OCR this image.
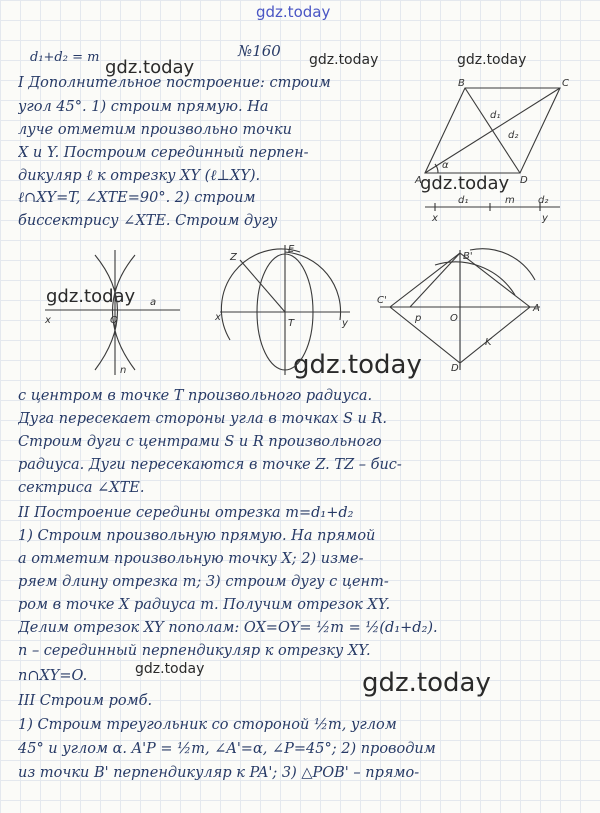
gdz.today
gdz.today	gdz.today	gdz.today
gdz.today
gdz.today
gdz.today
gdz.today	gdz.today
d₁+d₂ = m	№160
I Дополнительное построение: строим
угол 45°. 1) строим прямую. На
луче отметим произвольно точки
X и Y. Построим серединный перпен-
дикуляр ℓ к отрезку XY (ℓ⊥XY).
ℓ∩XY=T, ∠XTE=90°. 2) строим
биссектрису ∠XTE. Строим дугу
B	C
A	D
d₁
d₂
α
x
d₁	m d₂
y
x	O
a
n
Z
E
x
T	y
B'
C'
A
D'
O
p
K
с центром в точке T произвольного радиуса.
Дуга пересекает стороны угла в точках S и R.
Строим дуги с центрами S и R произвольного
радиуса. Дуги пересекаются в точке Z. TZ – бис-
сектриса ∠XTE.
II Построение середины отрезка m=d₁+d₂
1) Строим произвольную прямую. На прямой
a отметим произвольную точку X; 2) изме-
ряем длину отрезка m; 3) строим дугу с цент-
ром в точке X радиуса m. Получим отрезок XY.
Делим отрезок XY пополам: OX=OY= ½m = ½(d₁+d₂).
n – серединный перпендикуляр к отрезку XY.
n∩XY=O.
III Строим ромб.
1) Строим треугольник со стороной ½m, углом
45° и углом α. A'P = ½m, ∠A'=α, ∠P=45°; 2) проводим
из точки B' перпендикуляр к PA'; 3) △POB' – прямо-
